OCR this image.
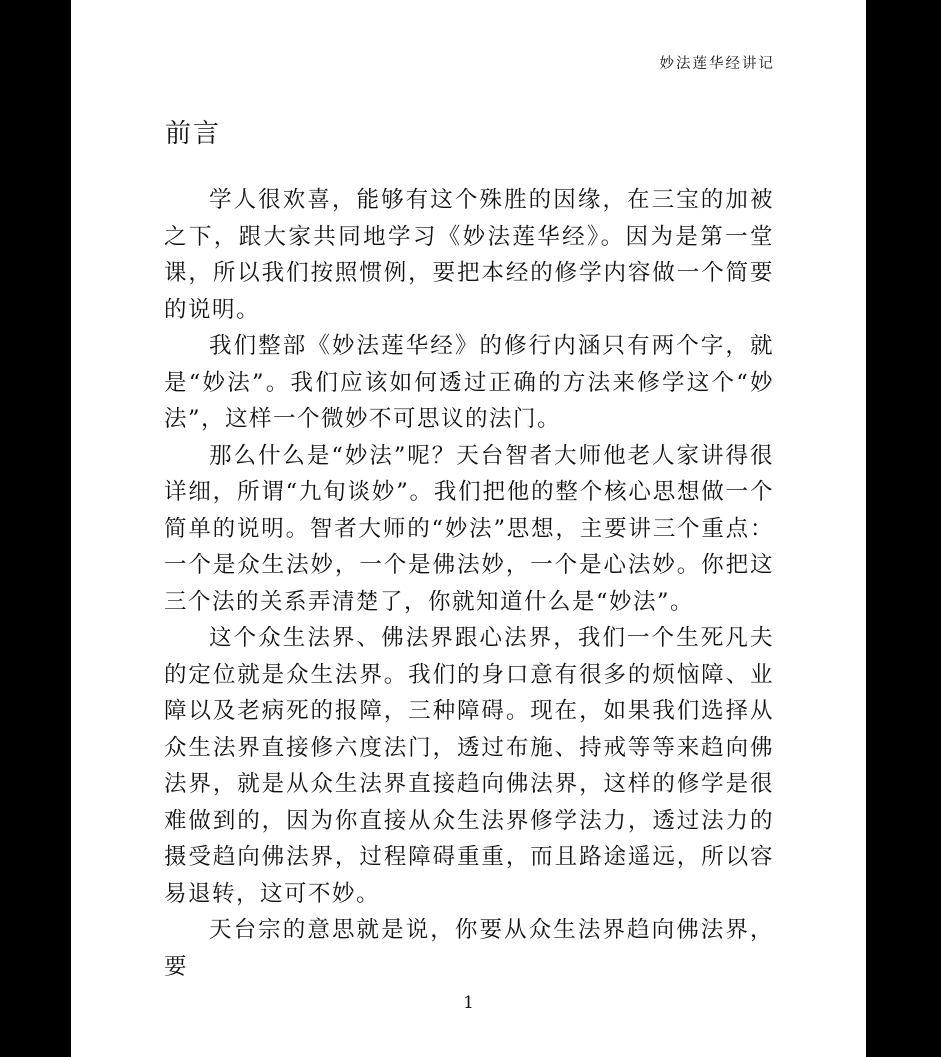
妙法莲华经讲记
前言

学人很欢喜，能够有这个殊胜的因缘，在三宝的加被之下，跟大家共同地学习《妙法莲华经》。因为是第一堂课，所以我们按照惯例，要把本经的修学内容做一个简要的说明。

我们整部《妙法莲华经》的修行内涵只有两个字，就是“妙法”。我们应该如何透过正确的方法来修学这个“妙法”，这样一个微妙不可思议的法门。

那么什么是“妙法”呢？天台智者大师他老人家讲得很详细，所谓“九旬谈妙”。我们把他的整个核心思想做一个简单的说明。智者大师的“妙法”思想，主要讲三个重点：一个是众生法妙，一个是佛法妙，一个是心法妙。你把这三个法的关系弄清楚了，你就知道什么是“妙法”。

这个众生法界、佛法界跟心法界，我们一个生死凡夫的定位就是众生法界。我们的身口意有很多的烦恼障、业障以及老病死的报障，三种障碍。现在，如果我们选择从众生法界直接修六度法门，透过布施、持戒等等来趋向佛法界，就是从众生法界直接趋向佛法界，这样的修学是很难做到的，因为你直接从众生法界修学法力，透过法力的摄受趋向佛法界，过程障碍重重，而且路途遥远，所以容易退转，这可不妙。

天台宗的意思就是说，你要从众生法界趋向佛法界，要

1
